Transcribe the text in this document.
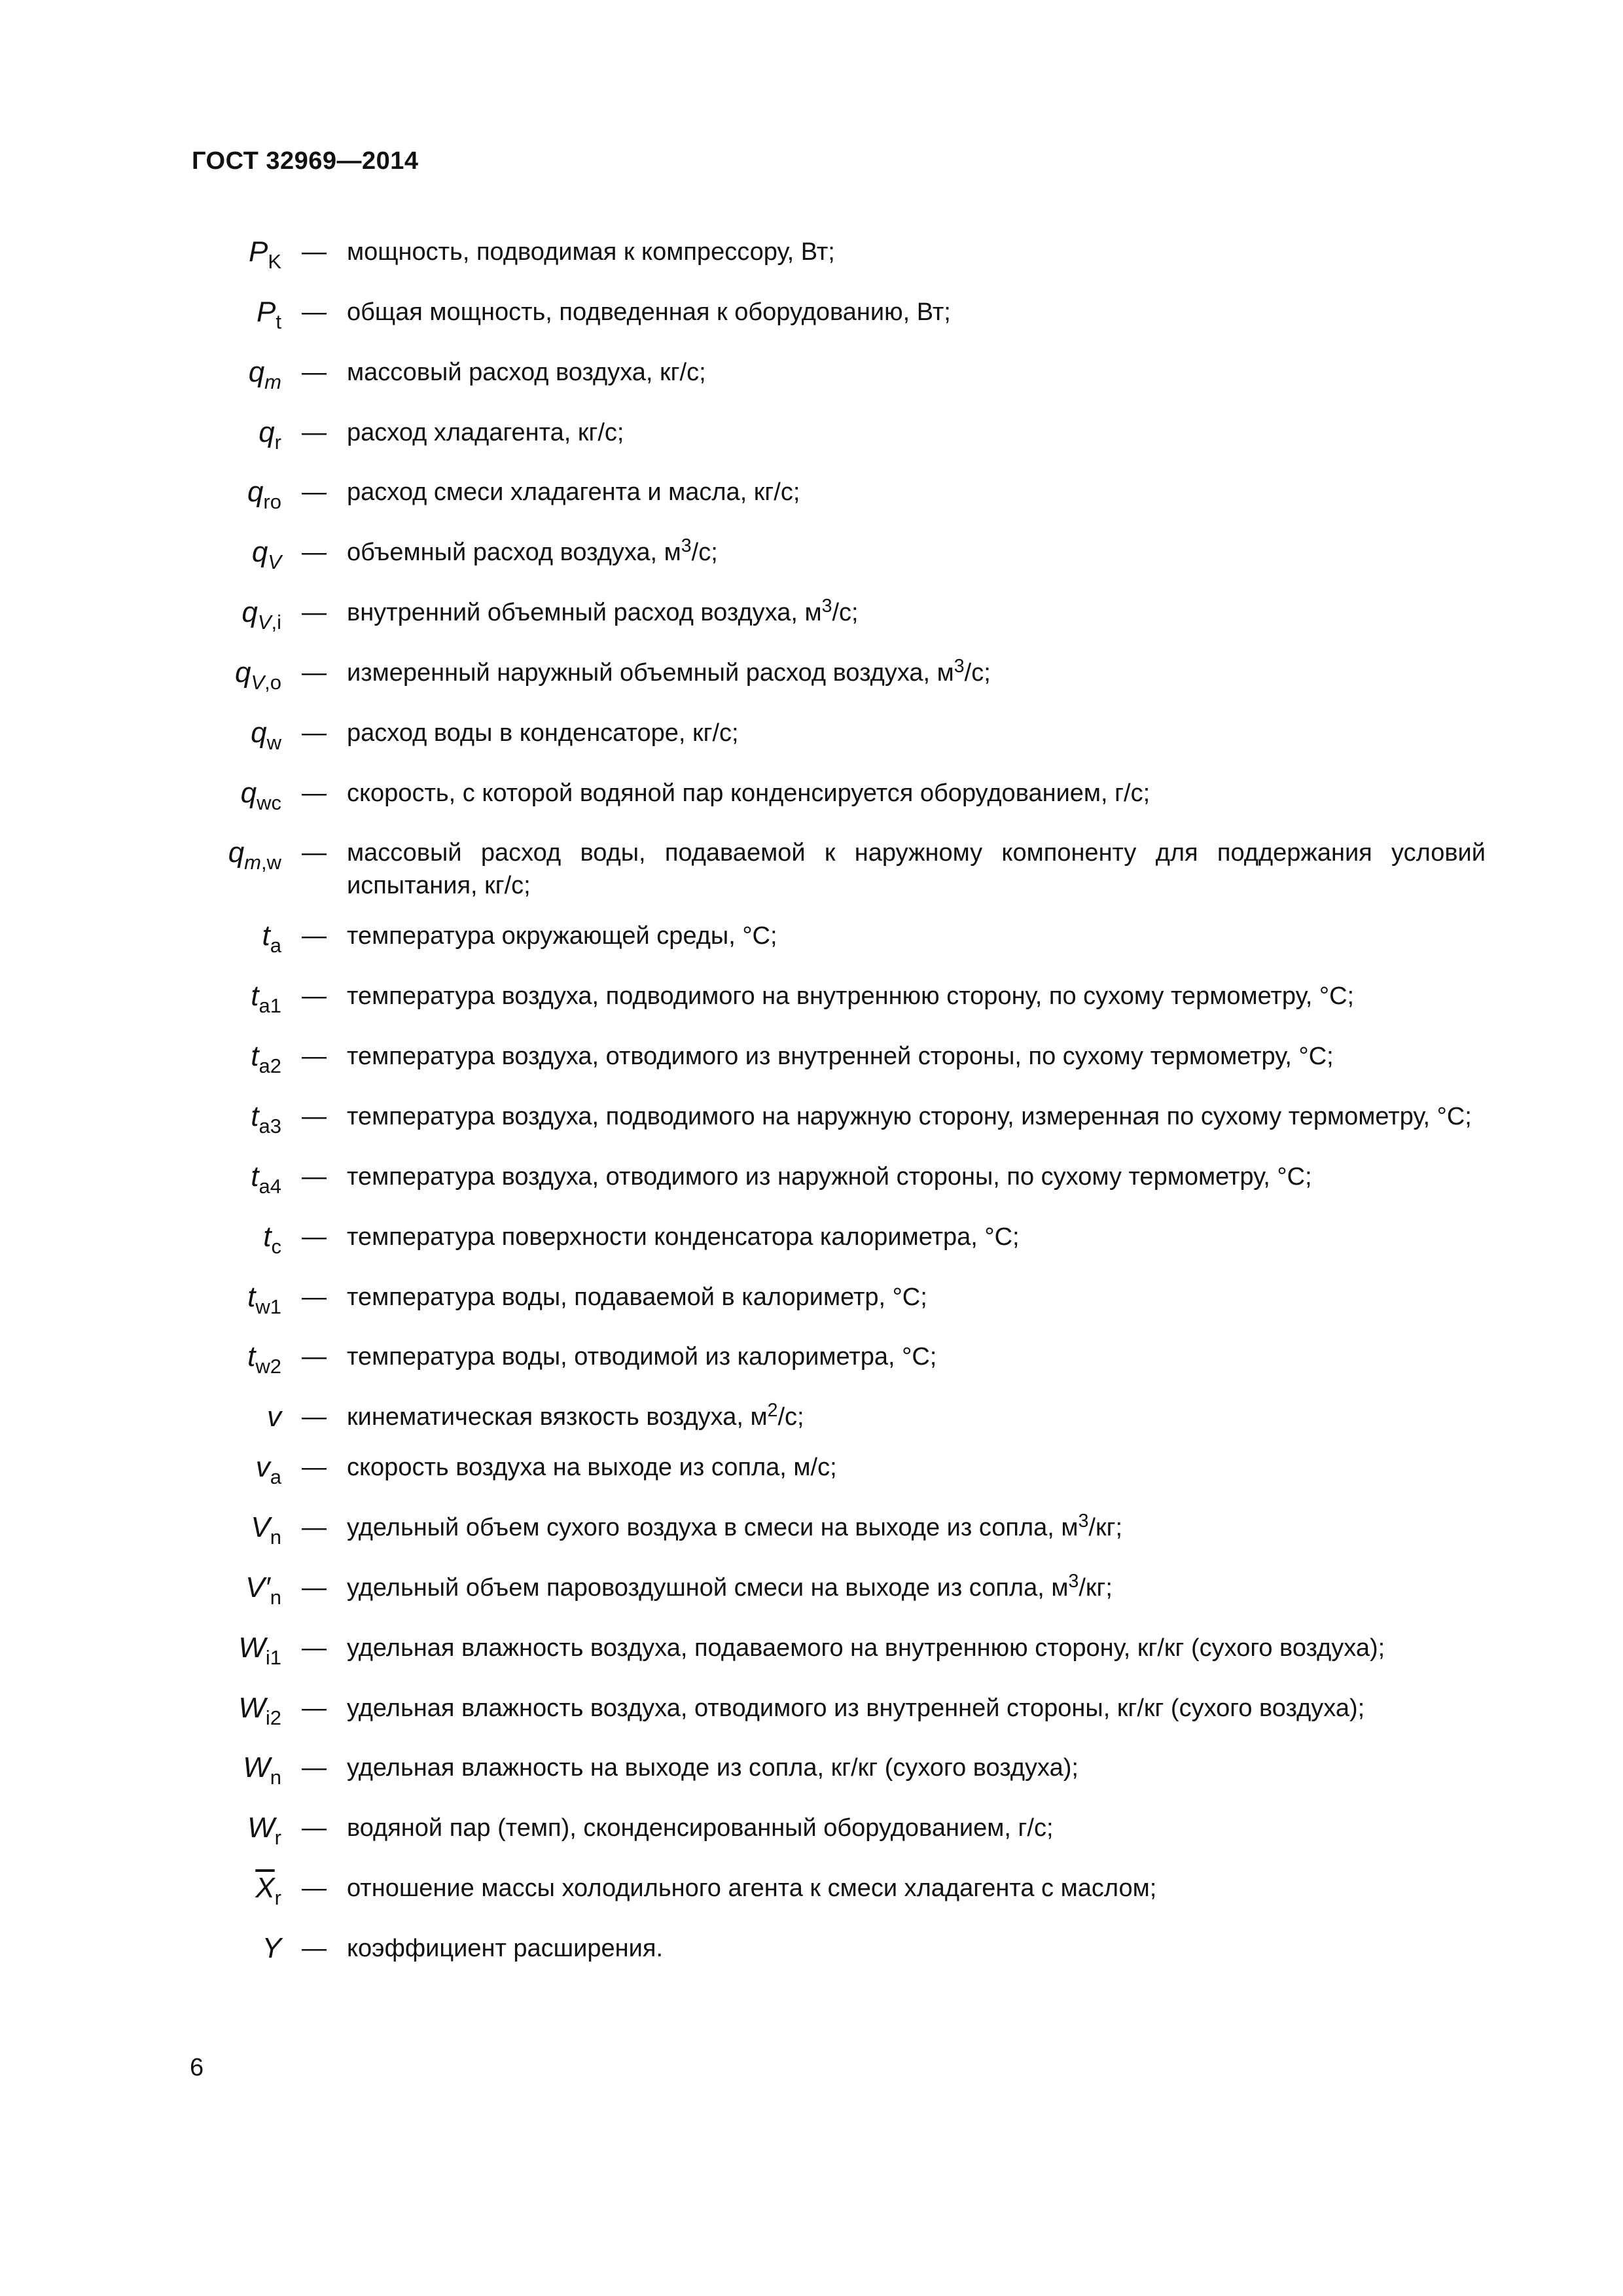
ГОСТ 32969—2014
$P_K$ — мощность, подводимая к компрессору, Вт;
$P_t$ — общая мощность, подведенная к оборудованию, Вт;
$q_m$ — массовый расход воздуха, кг/с;
$q_r$ — расход хладагента, кг/с;
$q_{ro}$ — расход смеси хладагента и масла, кг/с;
$q_V$ — объемный расход воздуха, $м^3/с$;
$q_{V,i}$ — внутренний объемный расход воздуха, $м^3/с$;
$q_{V,o}$ — измеренный наружный объемный расход воздуха, $м^3/с$;
$q_w$ — расход воды в конденсаторе, кг/с;
$q_{wc}$ — скорость, с которой водяной пар конденсируется оборудованием, г/с;
$q_{m,w}$ — массовый расход воды, подаваемой к наружному компоненту для поддержания условий испытания, кг/с;
$t_a$ — температура окружающей среды, °С;
$t_{a1}$ — температура воздуха, подводимого на внутреннюю сторону, по сухому термометру, °С;
$t_{a2}$ — температура воздуха, отводимого из внутренней стороны, по сухому термометру, °С;
$t_{a3}$ — температура воздуха, подводимого на наружную сторону, измеренная по сухому термометру, °С;
$t_{a4}$ — температура воздуха, отводимого из наружной стороны, по сухому термометру, °С;
$t_c$ — температура поверхности конденсатора калориметра, °С;
$t_{w1}$ — температура воды, подаваемой в калориметр, °С;
$t_{w2}$ — температура воды, отводимой из калориметра, °С;
v — кинематическая вязкость воздуха, $м^2/с$;
$v_a$ — скорость воздуха на выходе из сопла, м/с;
$V_n$ — удельный объем сухого воздуха в смеси на выходе из сопла, $м^3/кг$;
$V'_n$ — удельный объем паровоздушной смеси на выходе из сопла, $м^3/кг$;
$W_{i1}$ — удельная влажность воздуха, подаваемого на внутреннюю сторону, кг/кг (сухого воздуха);
$W_{i2}$ — удельная влажность воздуха, отводимого из внутренней стороны, кг/кг (сухого воздуха);
$W_n$ — удельная влажность на выходе из сопла, кг/кг (сухого воздуха);
$W_r$ — водяной пар (темп), сконденсированный оборудованием, г/с;
$\overline{X}_r$ — отношение массы холодильного агента к смеси хладагента с маслом;
Y — коэффициент расширения.
6
